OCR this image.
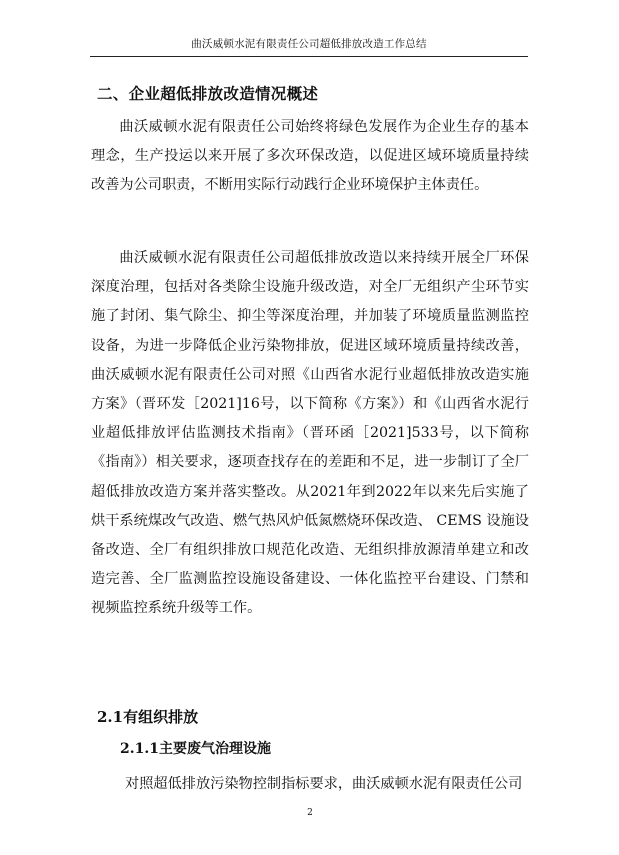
曲沃威顿水泥有限责任公司超低排放改造工作总结
二、企业超低排放改造情况概述

曲沃威顿水泥有限责任公司始终将绿色发展作为企业生存的基本理念，生产投运以来开展了多次环保改造，以促进区域环境质量持续改善为公司职责，不断用实际行动践行企业环境保护主体责任。

曲沃威顿水泥有限责任公司超低排放改造以来持续开展全厂环保深度治理，包括对各类除尘设施升级改造，对全厂无组织产尘环节实施了封闭、集气除尘、抑尘等深度治理，并加装了环境质量监测监控设备，为进一步降低企业污染物排放，促进区域环境质量持续改善，曲沃威顿水泥有限责任公司对照《山西省水泥行业超低排放改造实施方案》（晋环发［2021]16号，以下简称《方案》）和《山西省水泥行业超低排放评估监测技术指南》（晋环函［2021]533号，以下简称《指南》）相关要求，逐项查找存在的差距和不足，进一步制订了全厂超低排放改造方案并落实整改。从2021年到2022年以来先后实施了烘干系统煤改气改造、燃气热风炉低氮燃烧环保改造、 CEMS 设施设备改造、全厂有组织排放口规范化改造、无组织排放源清单建立和改造完善、全厂监测监控设施设备建设、一体化监控平台建设、门禁和视频监控系统升级等工作。

2.1有组织排放
2.1.1主要废气治理设施
对照超低排放污染物控制指标要求，曲沃威顿水泥有限责任公司
2
